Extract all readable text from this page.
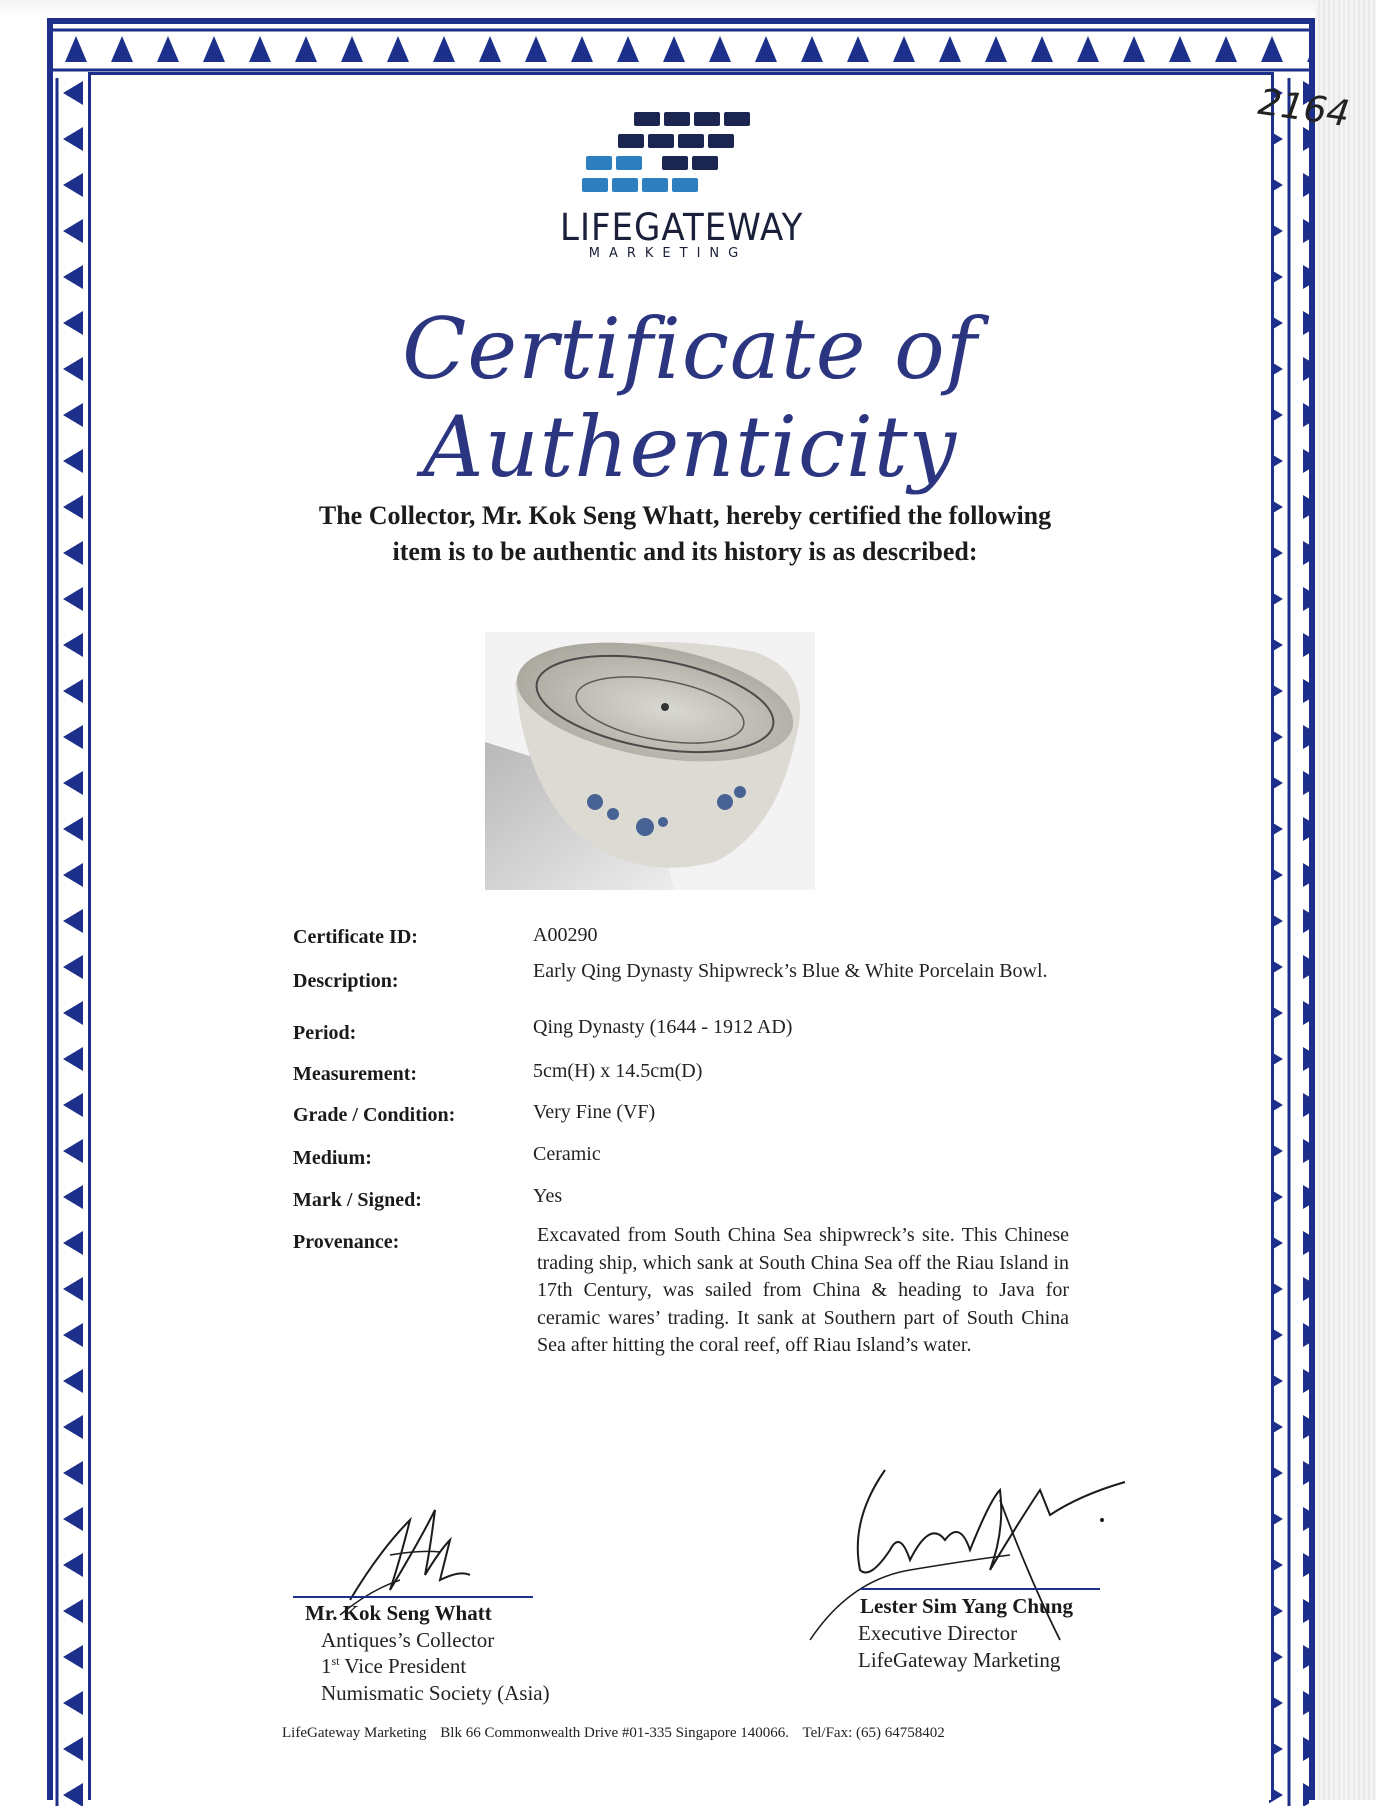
2164
LIFEGATEWAY
MARKETING
Certificate of Authenticity
The Collector, Mr. Kok Seng Whatt, hereby certified the following
item is to be authentic and its history is as described:
Certificate ID:	A00290
Description:	Early Qing Dynasty Shipwreck’s Blue & White Porcelain Bowl.
Period:	Qing Dynasty (1644 - 1912 AD)
Measurement:	5cm(H) x 14.5cm(D)
Grade / Condition:	Very Fine (VF)
Medium:	Ceramic
Mark / Signed:	Yes
Provenance:	Excavated from South China Sea shipwreck’s site. This Chinese trading ship, which sank at South China Sea off the Riau Island in 17th Century, was sailed from China & heading to Java for ceramic wares’ trading. It sank at Southern part of South China Sea after hitting the coral reef, off Riau Island’s water.
Mr. Kok Seng Whatt
Antiques’s Collector
1st Vice President
Numismatic Society (Asia)
Lester Sim Yang Chung
Executive Director
LifeGateway Marketing
LifeGateway Marketing Blk 66 Commonwealth Drive #01-335 Singapore 140066. Tel/Fax: (65) 64758402
